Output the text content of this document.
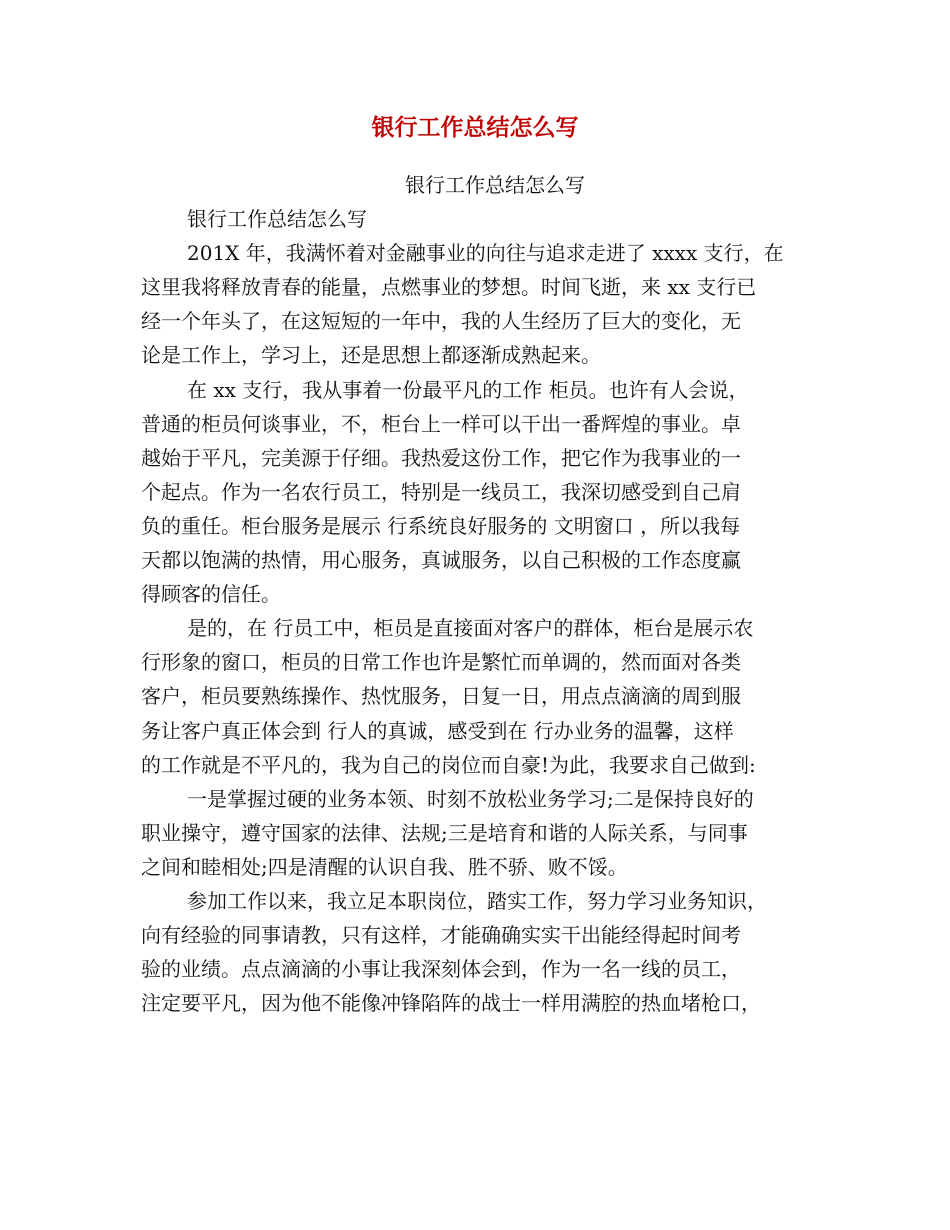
银行工作总结怎么写
银行工作总结怎么写
银行工作总结怎么写
201X 年，我满怀着对金融事业的向往与追求走进了 xxxx 支行，在
这里我将释放青春的能量，点燃事业的梦想。时间飞逝，来 xx 支行已
经一个年头了，在这短短的一年中，我的人生经历了巨大的变化，无
论是工作上，学习上，还是思想上都逐渐成熟起来。
在 xx 支行，我从事着一份最平凡的工作 柜员。也许有人会说，
普通的柜员何谈事业，不，柜台上一样可以干出一番辉煌的事业。卓
越始于平凡，完美源于仔细。我热爱这份工作，把它作为我事业的一
个起点。作为一名农行员工，特别是一线员工，我深切感受到自己肩
负的重任。柜台服务是展示 行系统良好服务的 文明窗口 ，所以我每
天都以饱满的热情，用心服务，真诚服务，以自己积极的工作态度赢
得顾客的信任。
是的，在 行员工中，柜员是直接面对客户的群体，柜台是展示农
行形象的窗口，柜员的日常工作也许是繁忙而单调的，然而面对各类
客户，柜员要熟练操作、热忱服务，日复一日，用点点滴滴的周到服
务让客户真正体会到 行人的真诚，感受到在 行办业务的温馨，这样
的工作就是不平凡的，我为自己的岗位而自豪!为此，我要求自己做到:
一是掌握过硬的业务本领、时刻不放松业务学习;二是保持良好的
职业操守，遵守国家的法律、法规;三是培育和谐的人际关系，与同事
之间和睦相处;四是清醒的认识自我、胜不骄、败不馁。
参加工作以来，我立足本职岗位，踏实工作，努力学习业务知识，
向有经验的同事请教，只有这样，才能确确实实干出能经得起时间考
验的业绩。点点滴滴的小事让我深刻体会到，作为一名一线的员工，
注定要平凡，因为他不能像冲锋陷阵的战士一样用满腔的热血堵枪口，
